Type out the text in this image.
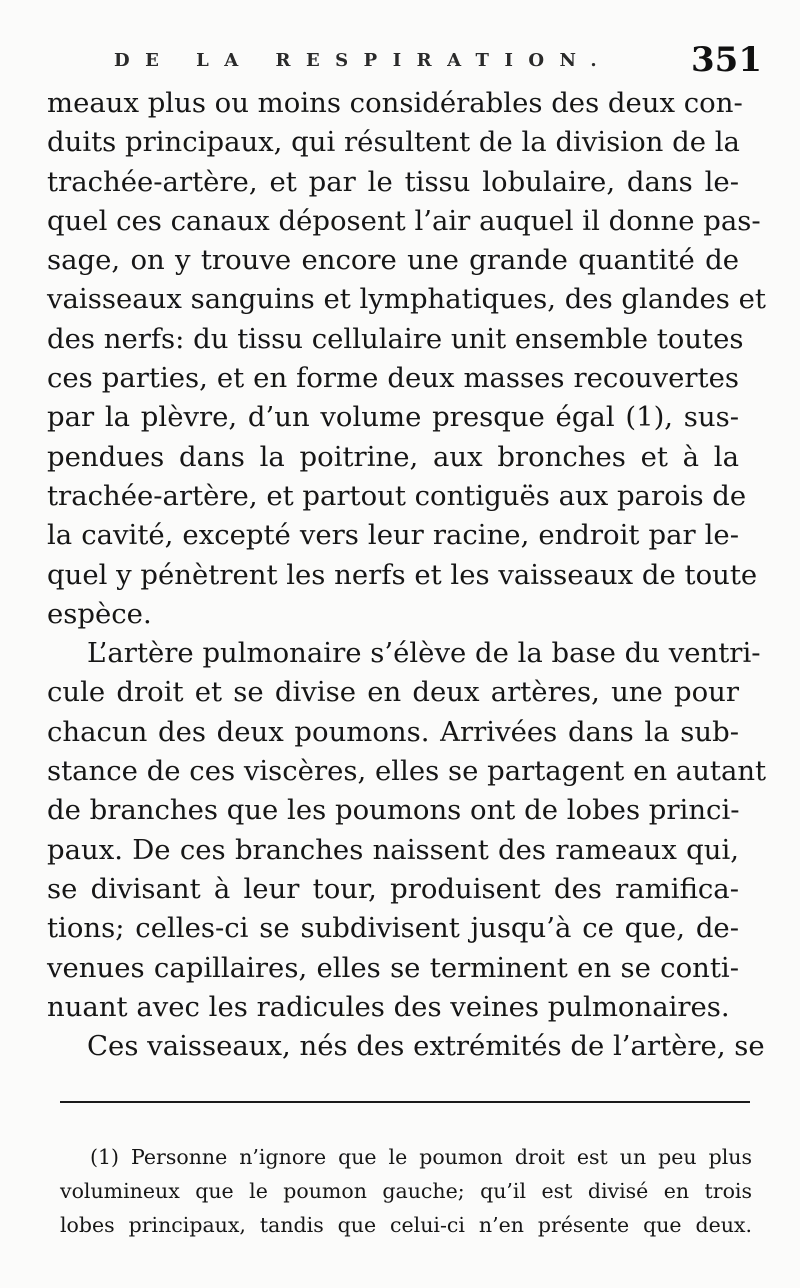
DE LA RESPIRATION. 351
meaux plus ou moins considérables des deux con-
duits principaux, qui résultent de la division de la
trachée-artère, et par le tissu lobulaire, dans le-
quel ces canaux déposent l’air auquel il donne pas-
sage, on y trouve encore une grande quantité de
vaisseaux sanguins et lymphatiques, des glandes et
des nerfs: du tissu cellulaire unit ensemble toutes
ces parties, et en forme deux masses recouvertes
par la plèvre, d’un volume presque égal (1), sus-
pendues dans la poitrine, aux bronches et à la
trachée-artère, et partout contiguës aux parois de
la cavité, excepté vers leur racine, endroit par le-
quel y pénètrent les nerfs et les vaisseaux de toute
espèce.
L’artère pulmonaire s’élève de la base du ventri-
cule droit et se divise en deux artères, une pour
chacun des deux poumons. Arrivées dans la sub-
stance de ces viscères, elles se partagent en autant
de branches que les poumons ont de lobes princi-
paux. De ces branches naissent des rameaux qui,
se divisant à leur tour, produisent des ramifica-
tions; celles-ci se subdivisent jusqu’à ce que, de-
venues capillaires, elles se terminent en se conti-
nuant avec les radicules des veines pulmonaires.
Ces vaisseaux, nés des extrémités de l’artère, se
(1) Personne n’ignore que le poumon droit est un peu plus
volumineux que le poumon gauche; qu’il est divisé en trois
lobes principaux, tandis que celui-ci n’en présente que deux.
